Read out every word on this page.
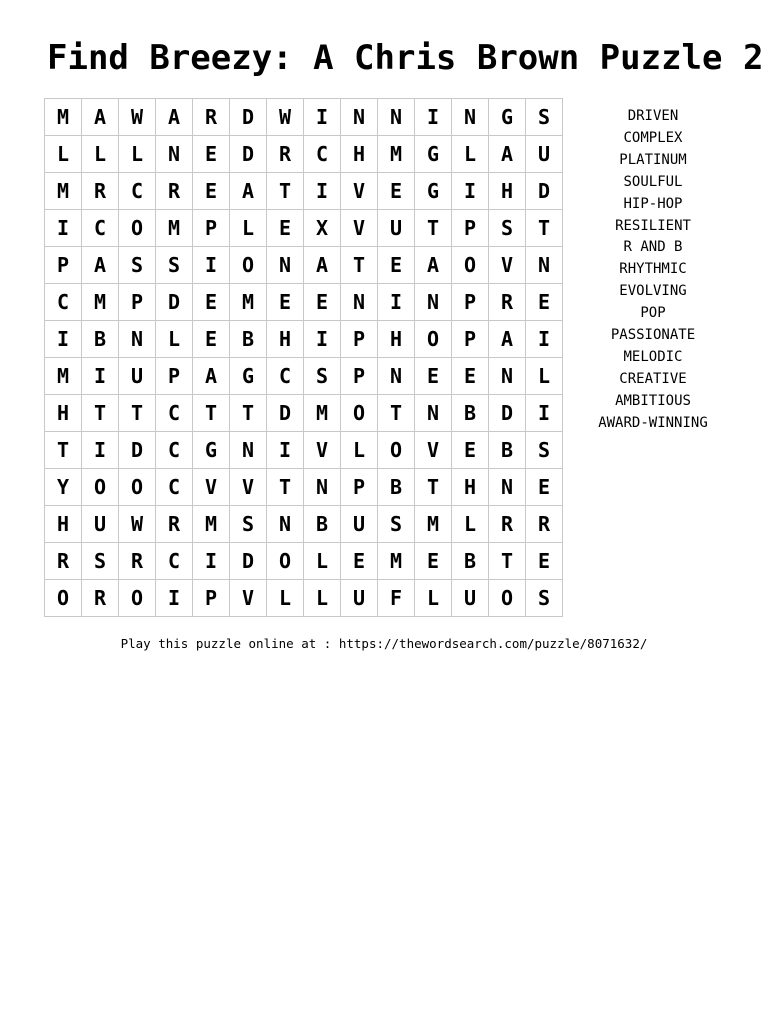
Find Breezy: A Chris Brown Puzzle 2
M	A	W	A	R	D	W	I	N	N	I	N	G	S
L	L	L	N	E	D	R	C	H	M	G	L	A	U
M	R	C	R	E	A	T	I	V	E	G	I	H	D
I	C	O	M	P	L	E	X	V	U	T	P	S	T
P	A	S	S	I	O	N	A	T	E	A	O	V	N
C	M	P	D	E	M	E	E	N	I	N	P	R	E
I	B	N	L	E	B	H	I	P	H	O	P	A	I
M	I	U	P	A	G	C	S	P	N	E	E	N	L
H	T	T	C	T	T	D	M	O	T	N	B	D	I
T	I	D	C	G	N	I	V	L	O	V	E	B	S
Y	O	O	C	V	V	T	N	P	B	T	H	N	E
H	U	W	R	M	S	N	B	U	S	M	L	R	R
R	S	R	C	I	D	O	L	E	M	E	B	T	E
O	R	O	I	P	V	L	L	U	F	L	U	O	S
DRIVEN
COMPLEX
PLATINUM
SOULFUL
HIP-HOP
RESILIENT
R AND B
RHYTHMIC
EVOLVING
POP
PASSIONATE
MELODIC
CREATIVE
AMBITIOUS
AWARD-WINNING
Play this puzzle online at : https://thewordsearch.com/puzzle/8071632/
